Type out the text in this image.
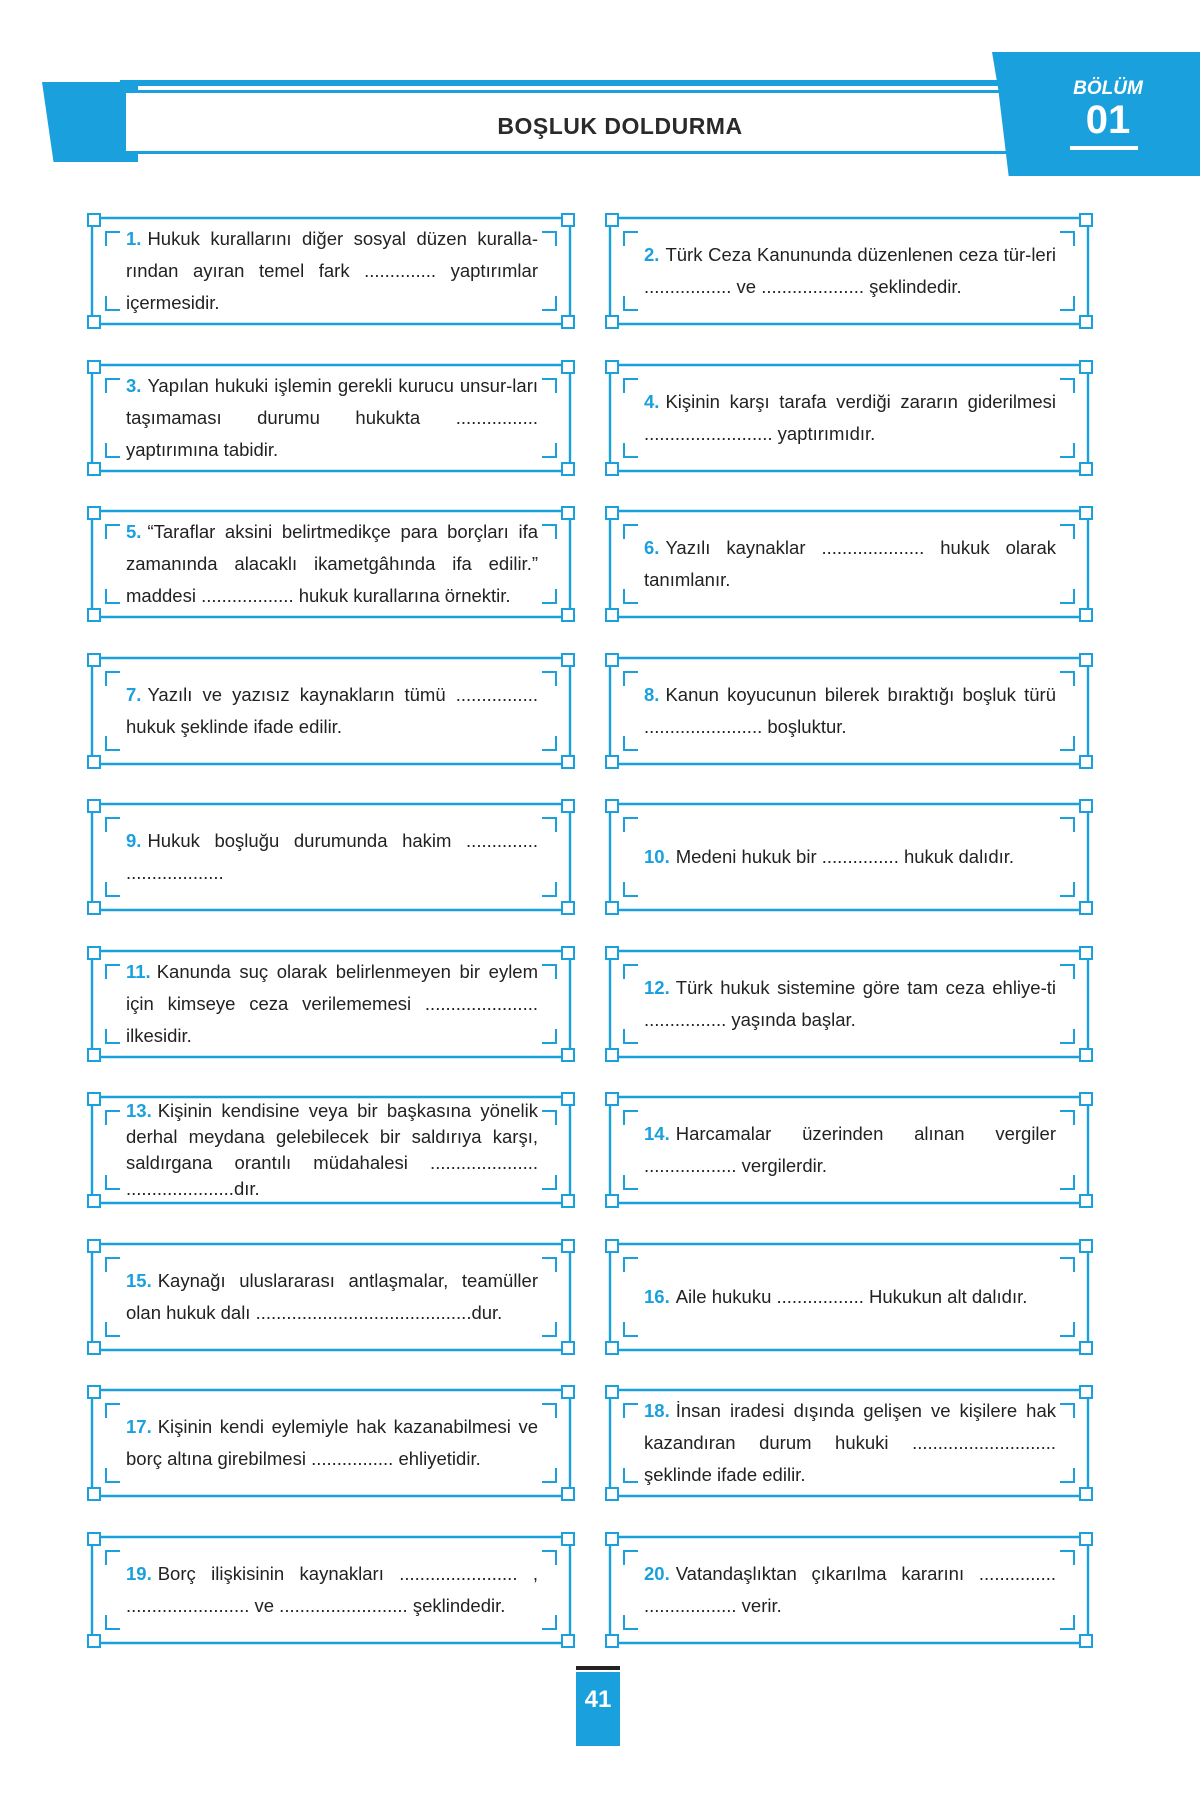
BOŞLUK DOLDURMA
BÖLÜM
01

1. Hukuk kurallarını diğer sosyal düzen kuralla-rından ayıran temel fark .............. yaptırımlar içermesidir.

2. Türk Ceza Kanununda düzenlenen ceza tür-leri ................. ve .................... şeklindedir.

3. Yapılan hukuki işlemin gerekli kurucu unsur-ları taşımaması durumu hukukta ................ yaptırımına tabidir.

4. Kişinin karşı tarafa verdiği zararın giderilmesi ......................... yaptırımıdır.

5. “Taraflar aksini belirtmedikçe para borçları ifa zamanında alacaklı ikametgâhında ifa edilir.” maddesi .................. hukuk kurallarına örnektir.

6. Yazılı kaynaklar .................... hukuk olarak tanımlanır.

7. Yazılı ve yazısız kaynakların tümü ................ hukuk şeklinde ifade edilir.

8. Kanun koyucunun bilerek bıraktığı boşluk türü ....................... boşluktur.

9. Hukuk boşluğu durumunda hakim .............. ...................

10. Medeni hukuk bir ............... hukuk dalıdır.

11. Kanunda suç olarak belirlenmeyen bir eylem için kimseye ceza verilememesi ...................... ilkesidir.

12. Türk hukuk sistemine göre tam ceza ehliye-ti ................ yaşında başlar.

13. Kişinin kendisine veya bir başkasına yönelik derhal meydana gelebilecek bir saldırıya karşı, saldırgana orantılı müdahalesi ..................... .....................dır.

14. Harcamalar üzerinden alınan vergiler .................. vergilerdir.

15. Kaynağı uluslararası antlaşmalar, teamüller olan hukuk dalı ..........................................dur.

16. Aile hukuku ................. Hukukun alt dalıdır.

17. Kişinin kendi eylemiyle hak kazanabilmesi ve borç altına girebilmesi ................ ehliyetidir.

18. İnsan iradesi dışında gelişen ve kişilere hak kazandıran durum hukuki ............................ şeklinde ifade edilir.

19. Borç ilişkisinin kaynakları ....................... , ........................ ve ......................... şeklindedir.

20. Vatandaşlıktan çıkarılma kararını ............... .................. verir.

41
